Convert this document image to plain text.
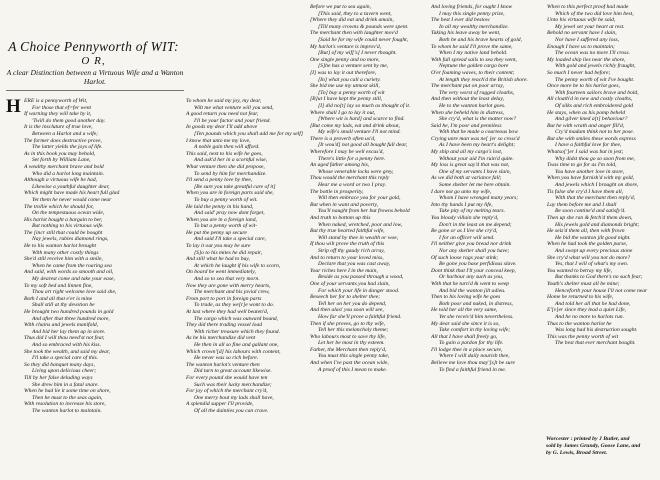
A Choice Pennyworth of WIT:
O R,
A clear Distinction between a Virtuous Wife and a Wanton Harlot.
H ERE is a pennyworth of Wit,
For those that ef=fer went
If warning they will take by it,
'Twill do them good another day.
It is the inscluture of true love,
Between a Harlot and a wife;
The former does destructive prove,
The latter yields the joys of life.
As in this book you may behold,
Set forth by William Lane,
A wealthy merchant brave and bold
Who did a harlot long maintain.
Although a virtuous wife he had,
Likewise a youthful daughter dear,
Which might have made his heart full glad
Yet them he never would come near
The trollie which he should for,
On the tempestuous ocean wide,
His harlot bought a bargain to her,
But nothing to his virtuous wife.
The [incr still that could be bought
Nay jewels, rubies diamond rings,
He to his wanton harlot brought
With many other costly things
She'd still receive him with a smile,
When he came from the roaring sea
And said, with words so smooth and oil,
My dearest come and take your ease,
To my soft bed and linnen fine,
Thou art right welcome love said she,
Both I and all that e'er is mine
Shall still at thy devotion be
He brought two hundred pounds in gold
And after that three hundred more,
With chains and jewels manifold,
And bid her lay them up in store.
Thus did I will thou need'st not fear,
And so embraced with his kiss.
She took the wealth, and said my dear,
I'll take a special care of this.
So they did banquet many days,
Living upon delicious cheer;
Till by her false deluding ways
She drew him in a fatal snare.
When he had lie it some time on shore,
Then he must to the seas again,
With resolution to increase his store,
The wanton harlot to maintain.
To whom he said my joy, my dear,
Wilt me what venture will you send,
A good return you need not fear,
I'll be your factor and your friend.
In goods my dear I'll add above
[Ten pounds which you shall add me for my self]
I know that unto me my love,
A noble gain then will afford.
This said, next to his wife he goes,
And ask'd her in a scornful wise,
What venture then she did propose,
To send by him for merchandize.
I'll send a penny love by thee,
[Be sure you take greatful care of it]
When you are in foreign parts said she,
To buy a penny worth of wit.
He laid the penny in his hand,
And said' pray now dont forget,
When you are in a foreign land,
To but a penny worth of wit-
He put the penny up secure
And said I'll take a special care,
To lay it out you may be sure
[S]o to his mites he did repair,
And still what he had to buy,
At which he laught if his wife to scorn,
On board he went immediately,
And so to sea that very morn.
Now they are gone with merry hearts,
The merchant and his jovial crew,
From port to port in foreign parts
To trade, as they we[r]e wont to do.
At last where they had well beaten'd,
The cargo which was outward bound,
They did there trading vessel load
With richer treasure which they found.
As he his merchandize did vent
He then in all so fine and gallant one,
Which crown'[d] his labours with content,
He never was so rich before.
The wanton harlot's venture then
Did turn to great account likewise.
For every pound she would have ten
Such was their lucky merchandize;
For joy of which the merchant cry'd,
One merry bout my lads shall have,
A splendid supper I'll provide,
Of all the dainties you can crave.
Before we put to sea again,
[This said, they to a tavern went,
[Where they did eat and drink amain,
[Till many crowns & pounds were spent.
The merchant then with laughter mov'd
[Said he for my wife could never fought,
My harlot's venture is improv'd,
[But] of my wif['s] I never thought.
One single penny and no more,
[S]he has a venture sent by me,
[I] was to lay it out therefore,
[In] what you call a curiety.
She bid me use my utmost skill,
[To] buy a penny worth of wit
[B]ut I have kept the penny still,
[I] did no[t] lay so much as thought of it.
Where shall I go to lay it out,
[Where wit is hard] and scarce to find.
[But come my lads, eat and drink about,
My wife's small venture I'll not mind.
There is a proverb often us'd,
[It wou'd] not good all bought full dear,
Wherefore I may be well excus'd,
There's little for a penny here.
An aged father among his,
Whose venerable locks were grey,
Thou would the merchant this reply
Hear me a word or two I pray.
The bottle in prosperity,
Will then embrace you for your gold,
But when in want and poverty,
You'll naught from her but frowns behold
And truth to bottom up this
When naked, wretched, poor and low,
But thy true hearted faithful wife,
Will stand by thee in wealth or woe,
If thou wilt prove the truth of this
Strip off thy gaudy rich array,
And to return to your loved miss,
Declare that you was cast away,
Your riches here I in the main,
Beside as you passed through a wood,
One of your servants you had slain,
For which your life in danger stood.
Beseech her for to shelter thee;
Tell her on her you do depend,
And then alas! you soon will see,
How far she'll prove a faithful friend.
Then if she proves, go to thy wife,
Tell her this melancholy theme;
Who labours most to save thy life,
Let her be most in thy esteem.
Father, the Merchant then reply'd,
You must this single penny take,
And when I've past the ocean wide,
A proof of this I mean to make.
And loving friends, for ought I know
I may this single penny prize,
The best I ever did bestow
In all my wealthy merchandize.
Taking his leave away he went,
Both he and his brave hearts of gold,
To whom he said I'll prove the same,
When I my native land behold.
With full spread sails to sea they went,
Neptune the golden cargo bore
O'er foaming waves, to their content;
At length they reach'd the British shore.
The merchant put on poor array,
The very worst of ragged cloaths,
And then without the least delay,
He to the wanton harlot goes.
When she beheld him in distress,
She cry'd, what is the matter now?
Said he, I'm poor and penniless
With that he made a courteous bow
Crying unre man was ne[ ]er so cross'd
As I have been my heart's delight;
My ship and all my cargo's lost,
Without your aid I'm ruin'd quite.
My loss is great say'd that was not,
One of my servants I have slain,
As we did both at variance fall;
Some shelter let me here obtain.
I dare not go unto my wife,
Whom I have wronged many years;
Into thy hands I put my life,
Take pity of my melting tears.
You bloody villain she reply'd,
Don't in the least on me depend;
Be gone or as I live she cry'd,
I for an officer will send.
I'll neither give you bread nor drink
Nor any shelter shall you have;
Of such loose rags your stink;
Be gone you base perfidious slave.
Dont think that I'll your conceal keep,
Or harbour any such as you,
With that he turn'd & went to weep
And bid the wanton jilt adieu.
Then to his loving wife he goes
Both poor and naked, in distress,
He told her all the very same,
Yet she receiv'd him nevertheless.
My dear said she since it is so,
Take comfort in thy loving wife;
All that I have shall freely go,
To gain a pardon for thy life.
I'll lodge thee in a place secure,
Where I will daily nourish thee,
Believe me love thou may'[s]t be sure
To find a faithful friend in me.
When to this perfect proof had made
Which of the two did love him best,
Unto his virtuous wife he said,
My jewel set your heart at rest.
Behold no servant have I slain,
Nor have I suffered any loss,
Enough I have us to maintain;
The ocean was no more I'll cross.
My loaded ship lies near the shore,
With gold and jewels richly fraught,
So much I never had before;
The penny worth of wit I've bought.
Once more he to his harlot goes,
With fourteen sailors brave and bold,
All cloath'd in new and costly cloaths,
Of silks and rich embroidered gold
He stays, when as his pomp beheld
And gilver kned a[t] behaviour?
But he with wrath and anger fill'd,
Cry'd madam think not to her pose.
But she with smiles these words express
I have a faithful love for thee,
Whatso[']er I said was but in jest;
Why didst thou go so soon from me,
Twas time to go for as I'm told,
You have another love in store,
When you have furnish'd with my gold,
And jewels which I brought on shore,
Tis false she cry'd I have them all,
With that the merchant then reply'd,
Lay them before me and I shall
Be soon contine'd and satisfy'd.
Then up she ran & fetch'd them down,
His jewels gold and diamonds bright;
He seiz'd them all, then with frown
He bid the wanton jilt good night.
When he had took the golden purse,
And swept up every precious stone
She cry'd what will you not do more?
Yes, that I will of what's my own.
You wanted to betray my life,
But thanks to God there's no such fear;
Youth's shelter must all be mine;
Henceforth your house I'll not come near
Home he returned to his wife,
And told her all that he had done,
E'[v]er since they lead a quiet Life,
And he no more to harlots run.
Thus to the wanton harlot he
Was long had his destruction sought.
This was the penny worth of wit
The best that ever merchant bought.
Worcester : printed by J Butler, and
sold by James Grundy, Goose Lane, and
by G. Lewis, Broad Street.
